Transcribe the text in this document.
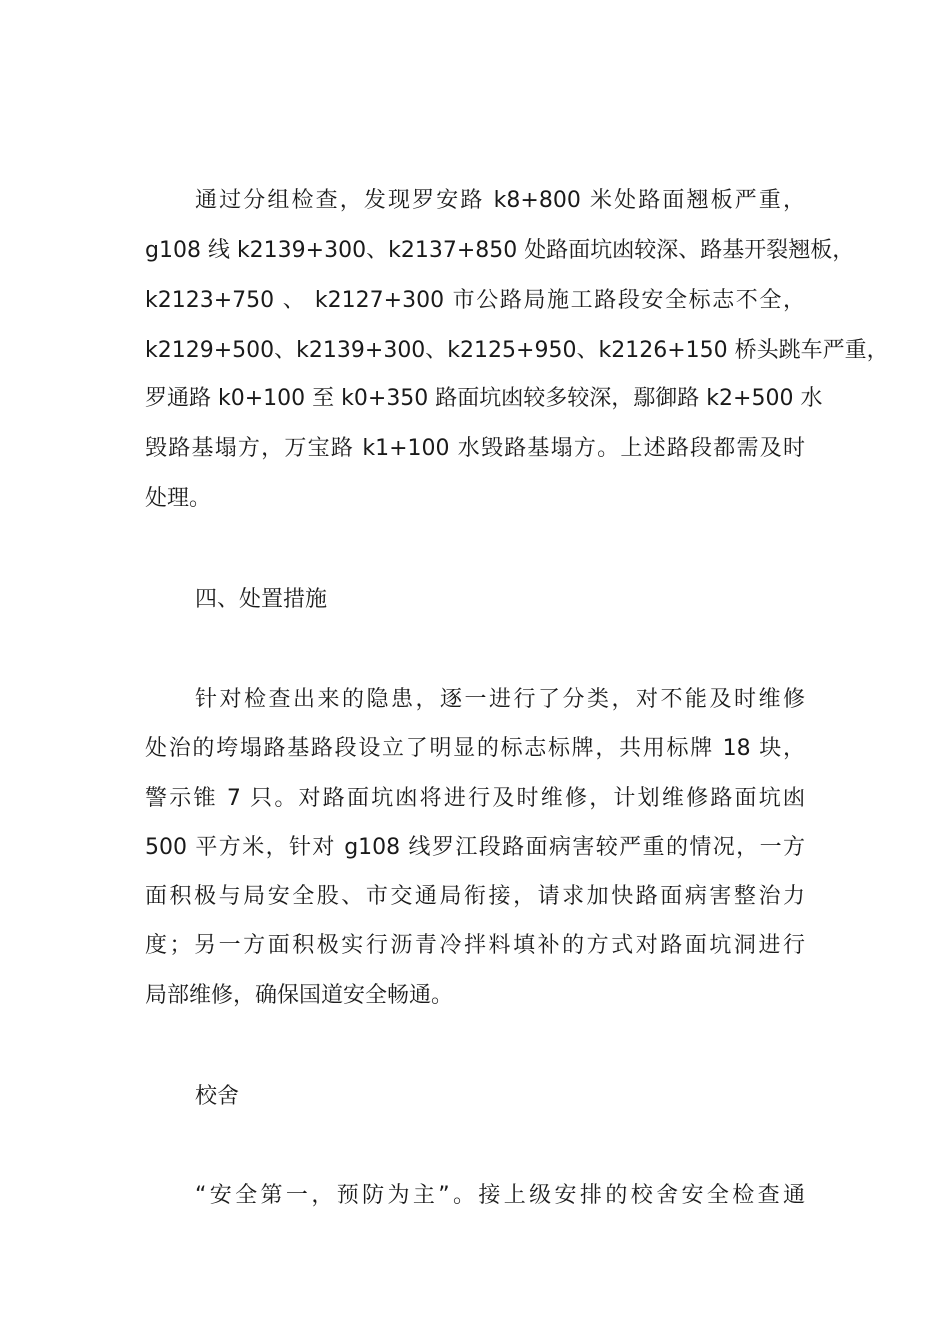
通过分组检查，发现罗安路 k8+800 米处路面翘板严重，
g108 线 k2139+300、k2137+850 处路面坑凼较深、路基开裂翘板，
k2123+750 、 k2127+300 市公路局施工路段安全标志不全，
k2129+500、k2139+300、k2125+950、k2126+150 桥头跳车严重，
罗通路 k0+100 至 k0+350 路面坑凼较多较深，鄢御路 k2+500 水
毁路基塌方，万宝路 k1+100 水毁路基塌方。上述路段都需及时
处理。
四、处置措施
针对检查出来的隐患，逐一进行了分类，对不能及时维修
处治的垮塌路基路段设立了明显的标志标牌，共用标牌 18 块，
警示锥 7 只。对路面坑凼将进行及时维修，计划维修路面坑凼
500 平方米，针对 g108 线罗江段路面病害较严重的情况，一方
面积极与局安全股、市交通局衔接，请求加快路面病害整治力
度；另一方面积极实行沥青冷拌料填补的方式对路面坑洞进行
局部维修，确保国道安全畅通。
校舍
“安全第一，预防为主”。接上级安排的校舍安全检查通
